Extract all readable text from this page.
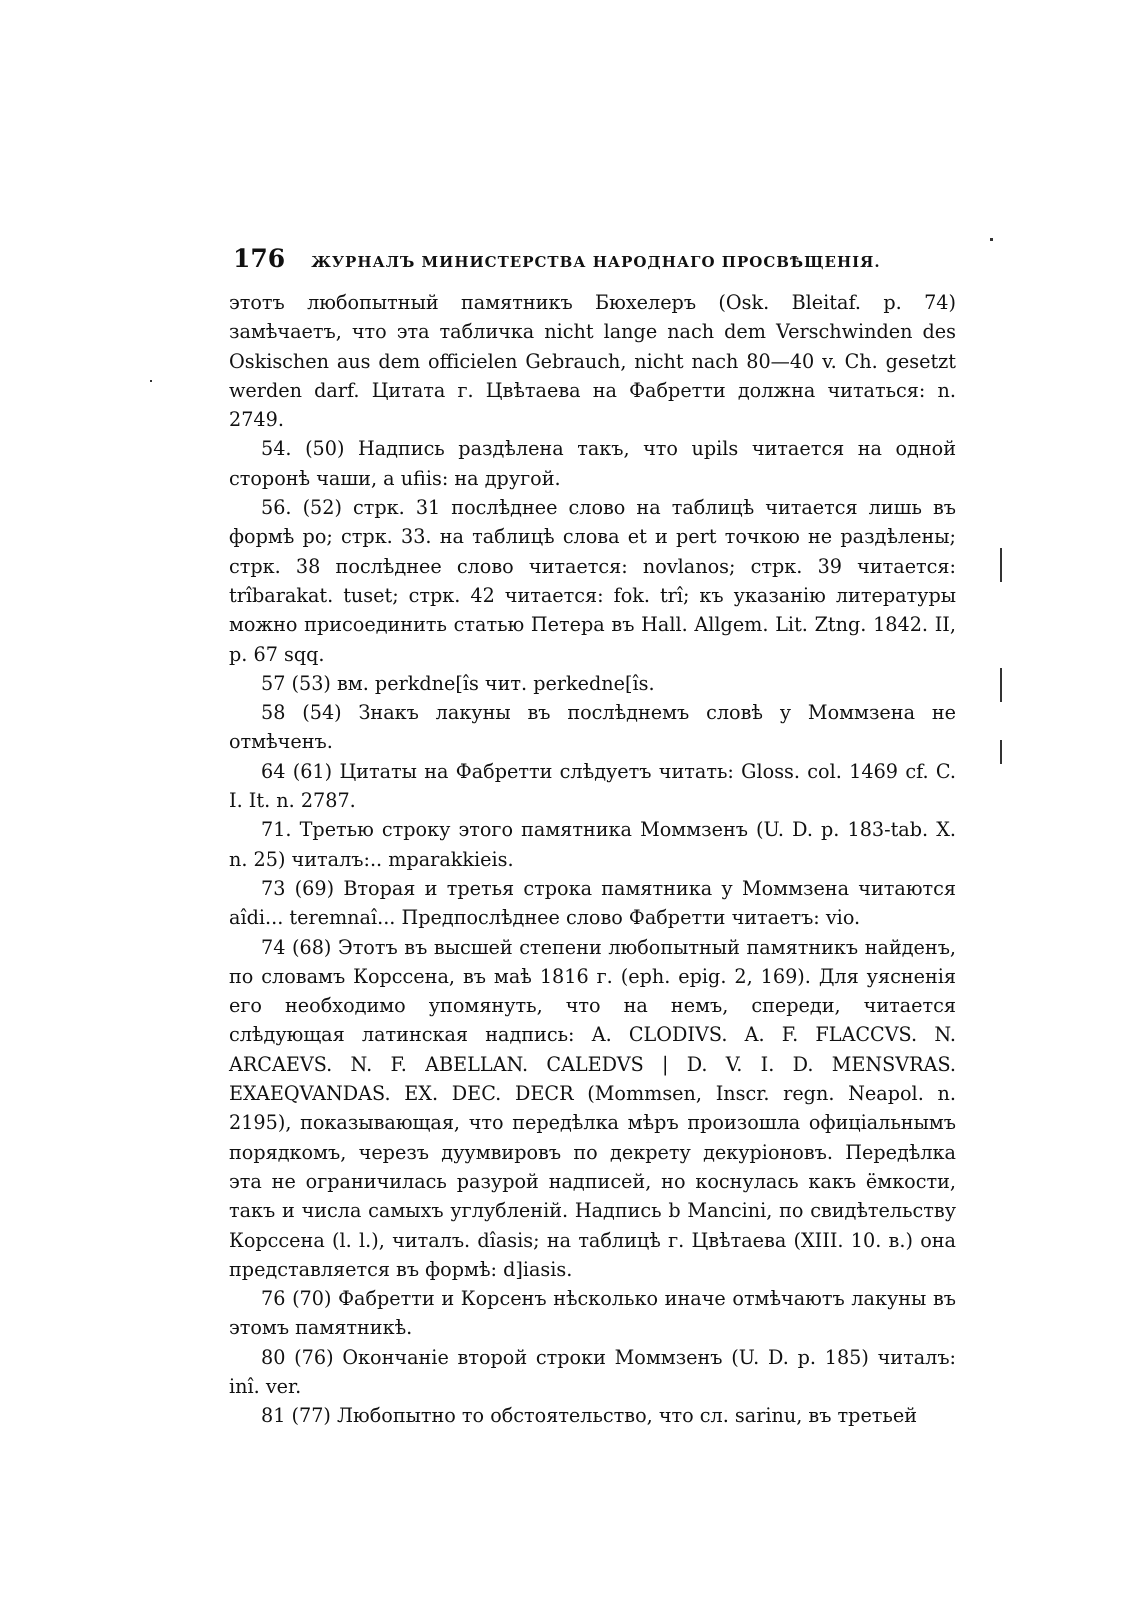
176 ЖУРНАЛЪ МИНИСТЕРСТВА НАРОДНАГО ПРОСВѢЩЕНІЯ.

этотъ любопытный памятникъ Бюхелеръ (Osk. Bleitaf. p. 74) замѣчаетъ, что эта табличка nicht lange nach dem Verschwinden des Oskischen aus dem officielen Gebrauch, nicht nach 80—40 v. Ch. gesetzt werden darf. Цитата г. Цвѣтаева на Фабретти должна читаться: n. 2749.

54. (50) Надпись раздѣлена такъ, что upils читается на одной сторонѣ чаши, а ufiis: на другой.

56. (52) стрк. 31 послѣднее слово на таблицѣ читается лишь въ формѣ po; стрк. 33. на таблицѣ слова et и pert точкою не раздѣлены; стрк. 38 послѣднее слово читается: novlanos; стрк. 39 читается: trîbarakat. tuset; стрк. 42 читается: fok. trî; къ указанію литературы можно присоединить статью Петера въ Hall. Allgem. Lit. Ztng. 1842. II, p. 67 sqq.

57 (53) вм. perkdne[îs чит. perkedne[îs.

58 (54) Знакъ лакуны въ послѣднемъ словѣ у Моммзена не отмѣченъ.

64 (61) Цитаты на Фабретти слѣдуетъ читать: Gloss. col. 1469 cf. C. I. It. n. 2787.

71. Третью строку этого памятника Моммзенъ (U. D. p. 183-tab. X. n. 25) читалъ:.. mparakkieis.

73 (69) Вторая и третья строка памятника у Моммзена читаются aîdi... teremnaî... Предпослѣднее слово Фабретти читаетъ: vio.

74 (68) Этотъ въ высшей степени любопытный памятникъ найденъ, по словамъ Корссена, въ маѣ 1816 г. (eph. epig. 2, 169). Для уясненія его необходимо упомянуть, что на немъ, спереди, читается слѣдующая латинская надпись: A. CLODIVS. A. F. FLACCVS. N. ARCAEVS. N. F. ABELLAN. CALEDVS | D. V. I. D. MENSVRAS. EXAEQVANDAS. EX. DEC. DECR (Mommsen, Inscr. regn. Neapol. n. 2195), показывающая, что передѣлка мѣръ произошла офиціальнымъ порядкомъ, черезъ дуумвировъ по декрету декуріоновъ. Передѣлка эта не ограничилась разурой надписей, но коснулась какъ ёмкости, такъ и числа самыхъ углубленій. Надпись b Mancini, по свидѣтельству Корссена (l. l.), читалъ. dîasis; на таблицѣ г. Цвѣтаева (XIII. 10. в.) она представляется въ формѣ: d]iasis.

76 (70) Фабретти и Корсенъ нѣсколько иначе отмѣчаютъ лакуны въ этомъ памятникѣ.

80 (76) Окончаніе второй строки Моммзенъ (U. D. p. 185) читалъ: inî. ver.

81 (77) Любопытно то обстоятельство, что сл. sarinu, въ третьей
